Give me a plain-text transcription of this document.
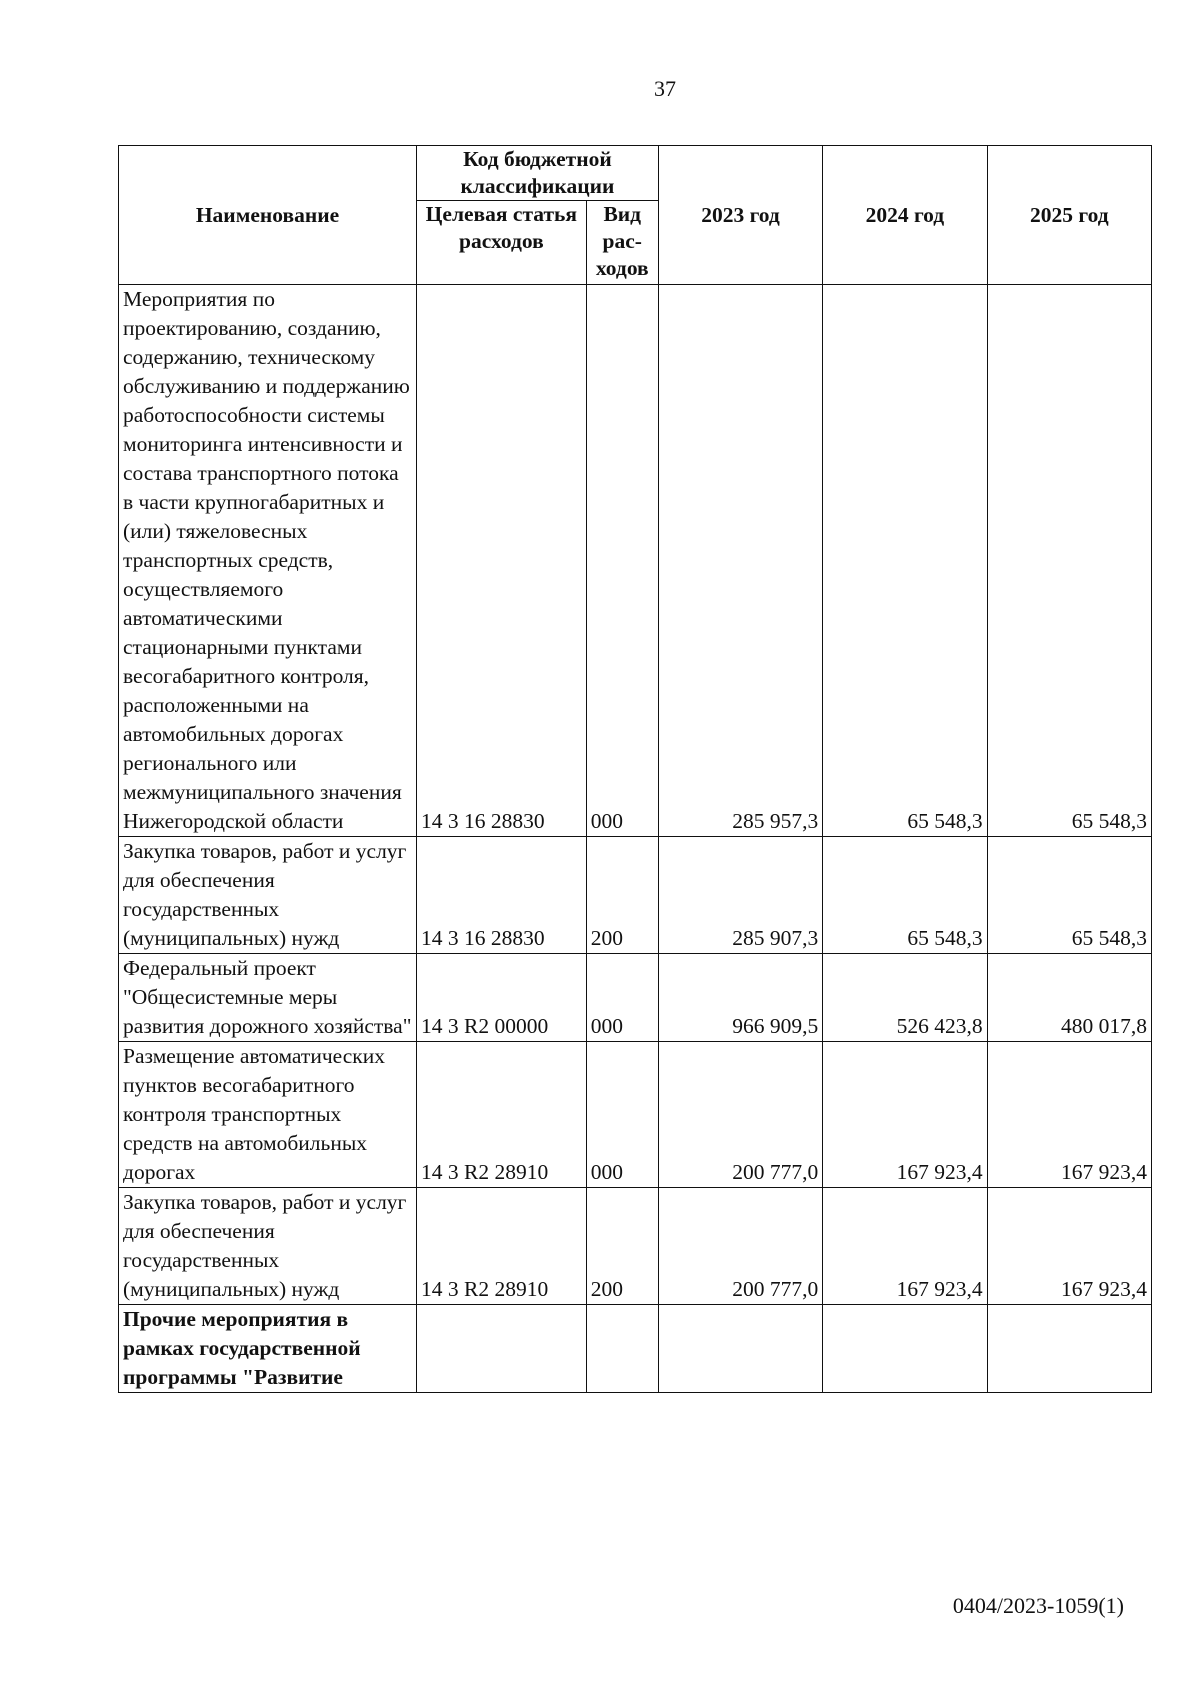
37
Наименование	Код бюджетной классификации		2023 год	2024 год	2025 год
	Целевая статья расходов	Вид рас-ходов			
Мероприятия по проектированию, созданию, содержанию, техническому обслуживанию и поддержанию работоспособности системы мониторинга интенсивности и состава транспортного потока в части крупногабаритных и (или) тяжеловесных транспортных средств, осуществляемого автоматическими стационарными пунктами весогабаритного контроля, расположенными на автомобильных дорогах регионального или межмуниципального значения Нижегородской области	14 3 16 28830	000	285 957,3	65 548,3	65 548,3
Закупка товаров, работ и услуг для обеспечения государственных (муниципальных) нужд	14 3 16 28830	200	285 907,3	65 548,3	65 548,3
Федеральный проект "Общесистемные меры развития дорожного хозяйства"	14 3 R2 00000	000	966 909,5	526 423,8	480 017,8
Размещение автоматических пунктов весогабаритного контроля транспортных средств на автомобильных дорогах	14 3 R2 28910	000	200 777,0	167 923,4	167 923,4
Закупка товаров, работ и услуг для обеспечения государственных (муниципальных) нужд	14 3 R2 28910	200	200 777,0	167 923,4	167 923,4
Прочие мероприятия в рамках государственной программы "Развитие					
0404/2023-1059(1)
